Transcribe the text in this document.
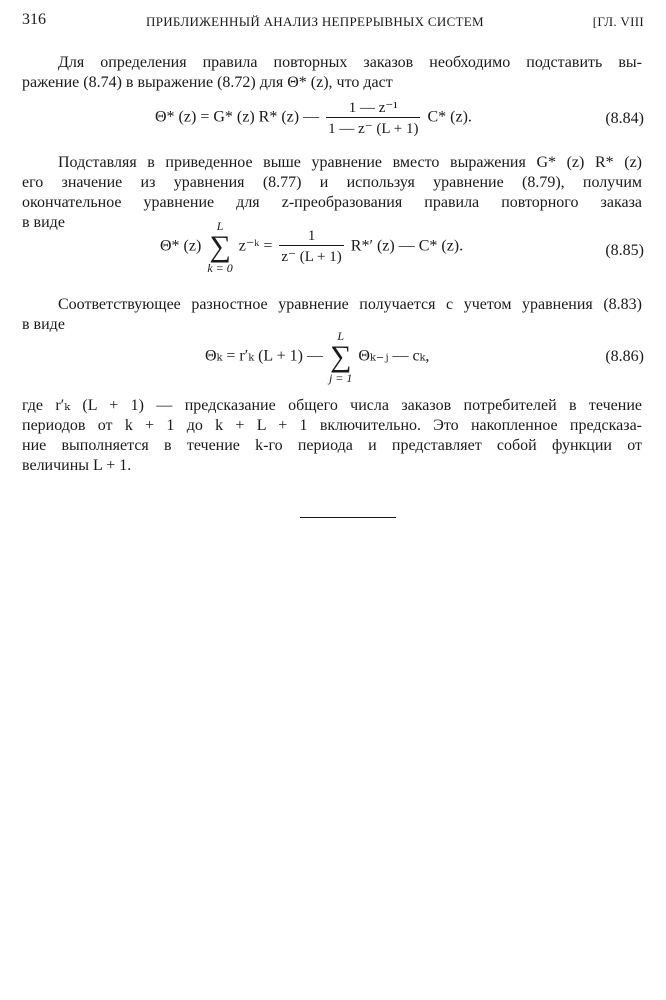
316	ПРИБЛИЖЕННЫЙ АНАЛИЗ НЕПРЕРЫВНЫХ СИСТЕМ	[ГЛ. VIII
Для определения правила повторных заказов необходимо подставить вы-
ражение (8.74) в выражение (8.72) для Θ* (z), что даст
Θ* (z) = G* (z) R* (z) — $\frac{\text{1 — z⁻¹}}{1 — z^- (L + 1)} C*$ (z).	(8.84)
Подставляя в приведенное выше уравнение вместо выражения G* (z) R* (z)
его значение из уравнения (8.77) и используя уравнение (8.79), получим
окончательное уравнение для z-преобразования правила повторного заказа
в виде
Θ* (z)
L
∑
k = 0
z⁻ᵏ = $\frac{1}{z^- (L + 1)} R*'$ (z) — C* (z).	(8.85)
Соответствующее разностное уравнение получается с учетом уравнения (8.83)
в виде
Θₖ = r′ₖ (L + 1) —
L
∑
j = 1
Θₖ₋ⱼ — cₖ,	(8.86)
где r′ₖ (L + 1) — предсказание общего числа заказов потребителей в течение
периодов от k + 1 до k + L + 1 включительно. Это накопленное предсказа-
ние выполняется в течение k-го периода и представляет собой функции от
величины L + 1.
